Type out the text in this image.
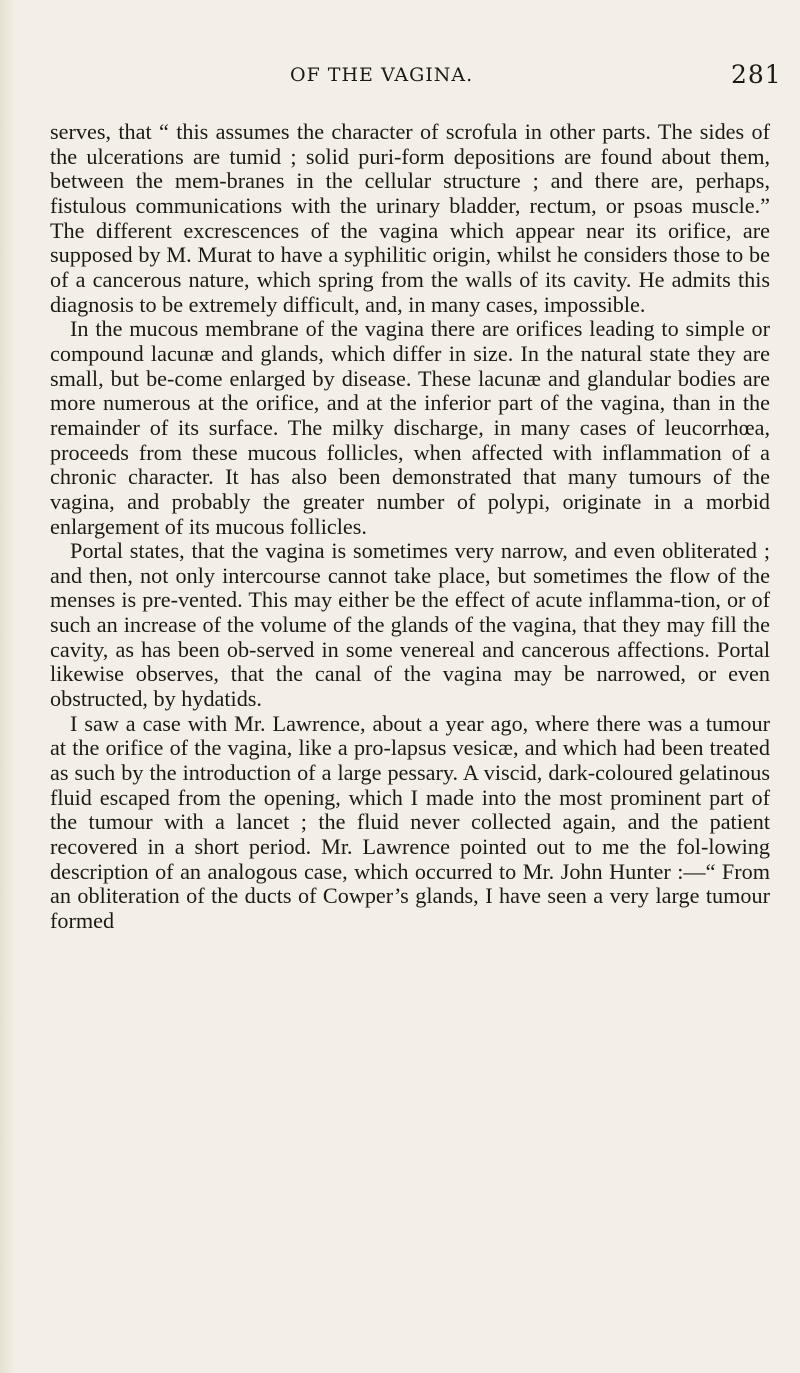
OF THE VAGINA.	281

serves, that “ this assumes the character of scrofula in other parts. The sides of the ulcerations are tumid ; solid puri-form depositions are found about them, between the mem-branes in the cellular structure ; and there are, perhaps, fistulous communications with the urinary bladder, rectum, or psoas muscle.” The different excrescences of the vagina which appear near its orifice, are supposed by M. Murat to have a syphilitic origin, whilst he considers those to be of a cancerous nature, which spring from the walls of its cavity. He admits this diagnosis to be extremely difficult, and, in many cases, impossible.

In the mucous membrane of the vagina there are orifices leading to simple or compound lacunæ and glands, which differ in size. In the natural state they are small, but be-come enlarged by disease. These lacunæ and glandular bodies are more numerous at the orifice, and at the inferior part of the vagina, than in the remainder of its surface. The milky discharge, in many cases of leucorrhœa, proceeds from these mucous follicles, when affected with inflammation of a chronic character. It has also been demonstrated that many tumours of the vagina, and probably the greater number of polypi, originate in a morbid enlargement of its mucous follicles.

Portal states, that the vagina is sometimes very narrow, and even obliterated ; and then, not only intercourse cannot take place, but sometimes the flow of the menses is pre-vented. This may either be the effect of acute inflamma-tion, or of such an increase of the volume of the glands of the vagina, that they may fill the cavity, as has been ob-served in some venereal and cancerous affections. Portal likewise observes, that the canal of the vagina may be narrowed, or even obstructed, by hydatids.

I saw a case with Mr. Lawrence, about a year ago, where there was a tumour at the orifice of the vagina, like a pro-lapsus vesicæ, and which had been treated as such by the introduction of a large pessary. A viscid, dark-coloured gelatinous fluid escaped from the opening, which I made into the most prominent part of the tumour with a lancet ; the fluid never collected again, and the patient recovered in a short period. Mr. Lawrence pointed out to me the fol-lowing description of an analogous case, which occurred to Mr. John Hunter :—“ From an obliteration of the ducts of Cowper’s glands, I have seen a very large tumour formed
